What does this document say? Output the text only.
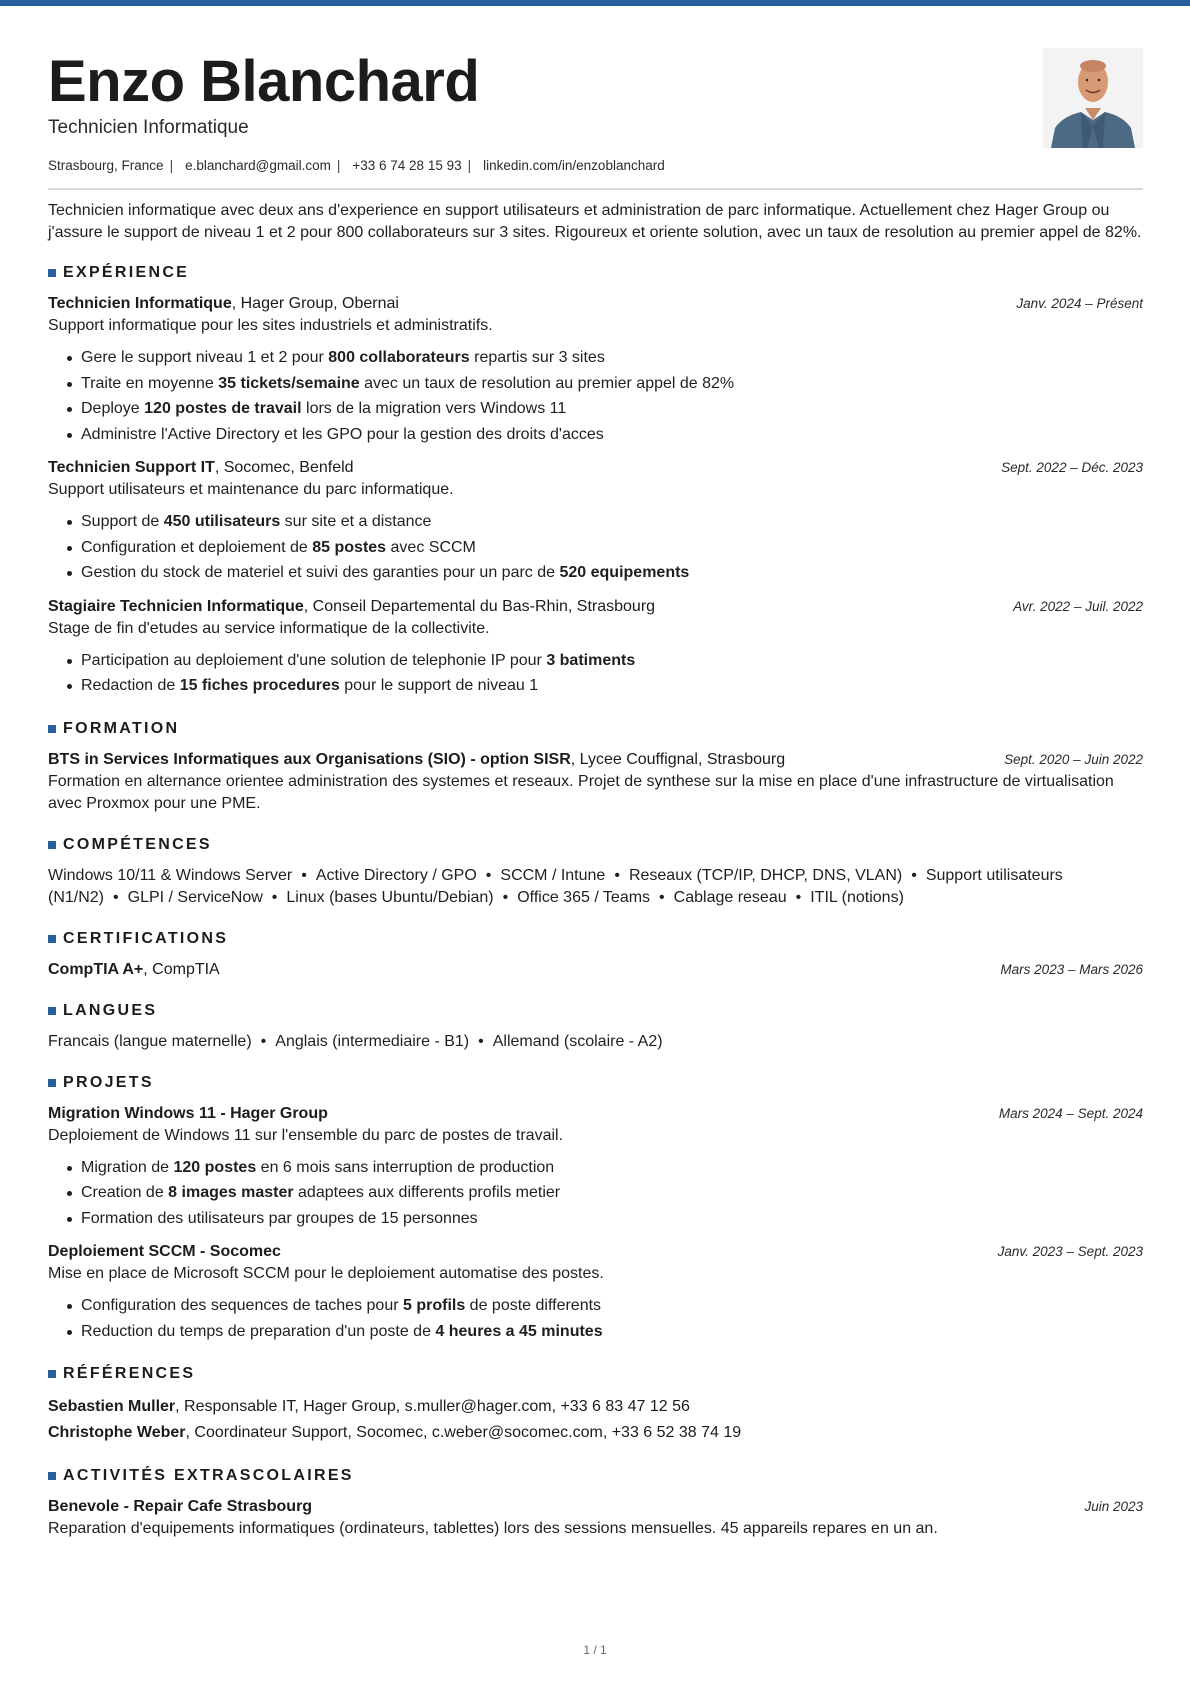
Enzo Blanchard
Technicien Informatique
Strasbourg, France | e.blanchard@gmail.com | +33 6 74 28 15 93 | linkedin.com/in/enzoblanchard

Technicien informatique avec deux ans d'experience en support utilisateurs et administration de parc informatique. Actuellement chez Hager Group ou j'assure le support de niveau 1 et 2 pour 800 collaborateurs sur 3 sites. Rigoureux et oriente solution, avec un taux de resolution au premier appel de 82%.

EXPÉRIENCE
Technicien Informatique, Hager Group, Obernai	Janv. 2024 – Présent
Support informatique pour les sites industriels et administratifs.
Gere le support niveau 1 et 2 pour 800 collaborateurs repartis sur 3 sites
Traite en moyenne 35 tickets/semaine avec un taux de resolution au premier appel de 82%
Deploye 120 postes de travail lors de la migration vers Windows 11
Administre l'Active Directory et les GPO pour la gestion des droits d'acces
Technicien Support IT, Socomec, Benfeld	Sept. 2022 – Déc. 2023
Support utilisateurs et maintenance du parc informatique.
Support de 450 utilisateurs sur site et a distance
Configuration et deploiement de 85 postes avec SCCM
Gestion du stock de materiel et suivi des garanties pour un parc de 520 equipements
Stagiaire Technicien Informatique, Conseil Departemental du Bas-Rhin, Strasbourg	Avr. 2022 – Juil. 2022
Stage de fin d'etudes au service informatique de la collectivite.
Participation au deploiement d'une solution de telephonie IP pour 3 batiments
Redaction de 15 fiches procedures pour le support de niveau 1
FORMATION
BTS in Services Informatiques aux Organisations (SIO) - option SISR, Lycee Couffignal, Strasbourg	Sept. 2020 – Juin 2022
Formation en alternance orientee administration des systemes et reseaux. Projet de synthese sur la mise en place d'une infrastructure de virtualisation avec Proxmox pour une PME.
COMPÉTENCES
Windows 10/11 & Windows Server • Active Directory / GPO • SCCM / Intune • Reseaux (TCP/IP, DHCP, DNS, VLAN) • Support utilisateurs (N1/N2) • GLPI / ServiceNow • Linux (bases Ubuntu/Debian) • Office 365 / Teams • Cablage reseau • ITIL (notions)
CERTIFICATIONS
CompTIA A+, CompTIA	Mars 2023 – Mars 2026
LANGUES
Francais (langue maternelle) • Anglais (intermediaire - B1) • Allemand (scolaire - A2)
PROJETS
Migration Windows 11 - Hager Group	Mars 2024 – Sept. 2024
Deploiement de Windows 11 sur l'ensemble du parc de postes de travail.
Migration de 120 postes en 6 mois sans interruption de production
Creation de 8 images master adaptees aux differents profils metier
Formation des utilisateurs par groupes de 15 personnes
Deploiement SCCM - Socomec	Janv. 2023 – Sept. 2023
Mise en place de Microsoft SCCM pour le deploiement automatise des postes.
Configuration des sequences de taches pour 5 profils de poste differents
Reduction du temps de preparation d'un poste de 4 heures a 45 minutes
RÉFÉRENCES
Sebastien Muller, Responsable IT, Hager Group, s.muller@hager.com, +33 6 83 47 12 56
Christophe Weber, Coordinateur Support, Socomec, c.weber@socomec.com, +33 6 52 38 74 19
ACTIVITÉS EXTRASCOLAIRES
Benevole - Repair Cafe Strasbourg	Juin 2023
Reparation d'equipements informatiques (ordinateurs, tablettes) lors des sessions mensuelles. 45 appareils repares en un an.
1 / 1
